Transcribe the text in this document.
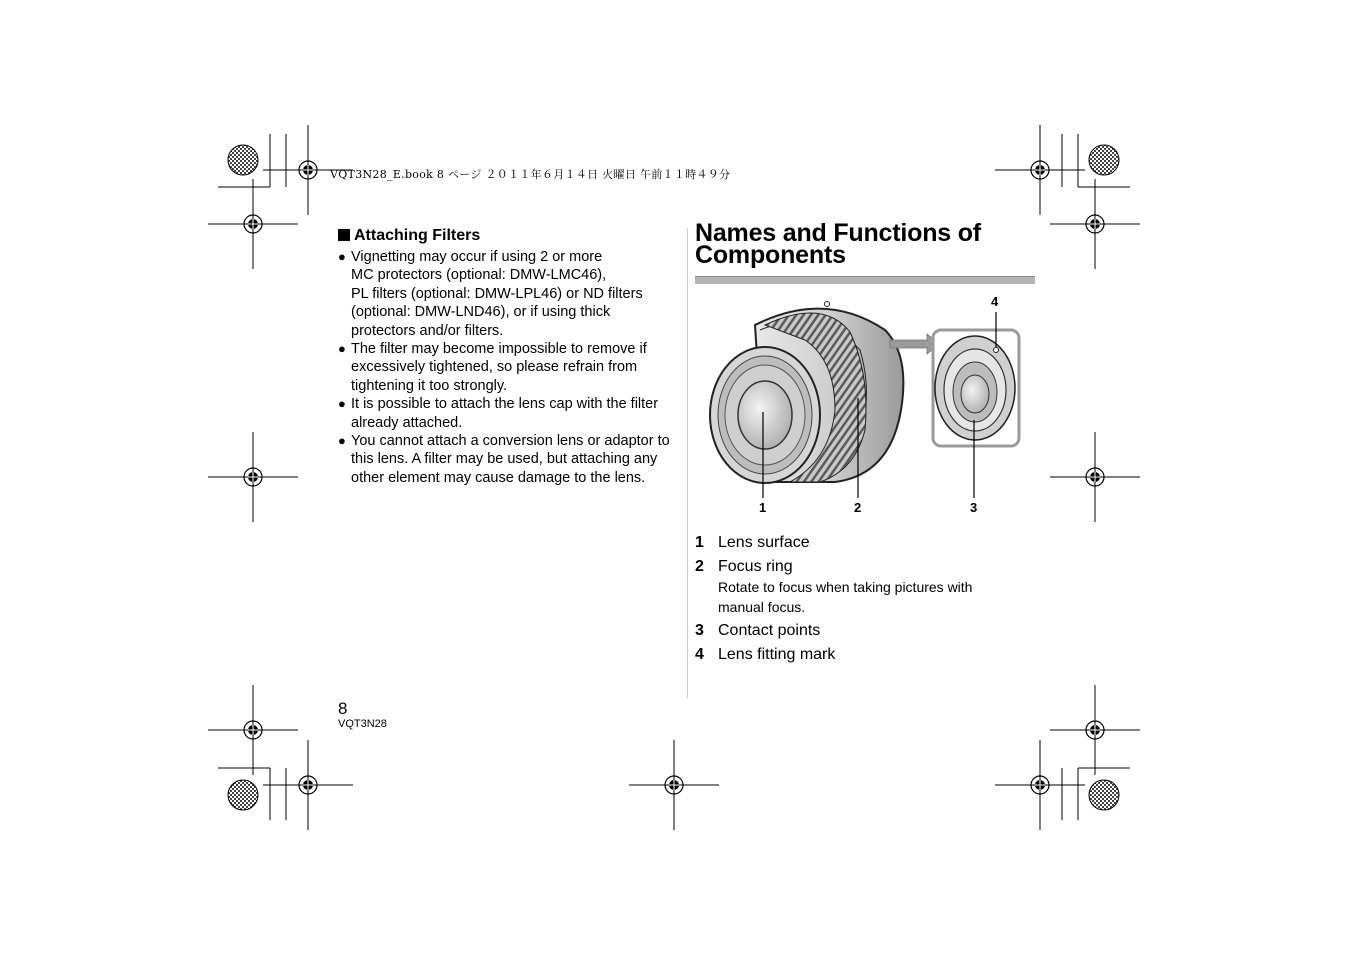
VQT3N28_E.book 8 ページ ２０１１年６月１４日 火曜日 午前１１時４９分
Attaching Filters
● Vignetting may occur if using 2 or more
MC protectors (optional: DMW-LMC46),
PL filters (optional: DMW-LPL46) or ND filters
(optional: DMW-LND46), or if using thick
protectors and/or filters.
● The filter may become impossible to remove if
excessively tightened, so please refrain from
tightening it too strongly.
● It is possible to attach the lens cap with the filter
already attached.
● You cannot attach a conversion lens or adaptor to
this lens. A filter may be used, but attaching any
other element may cause damage to the lens.
Names and Functions of
Components
1	2	3
4
1 Lens surface
2 Focus ring
Rotate to focus when taking pictures with
manual focus.
3 Contact points
4 Lens fitting mark
8
VQT3N28
